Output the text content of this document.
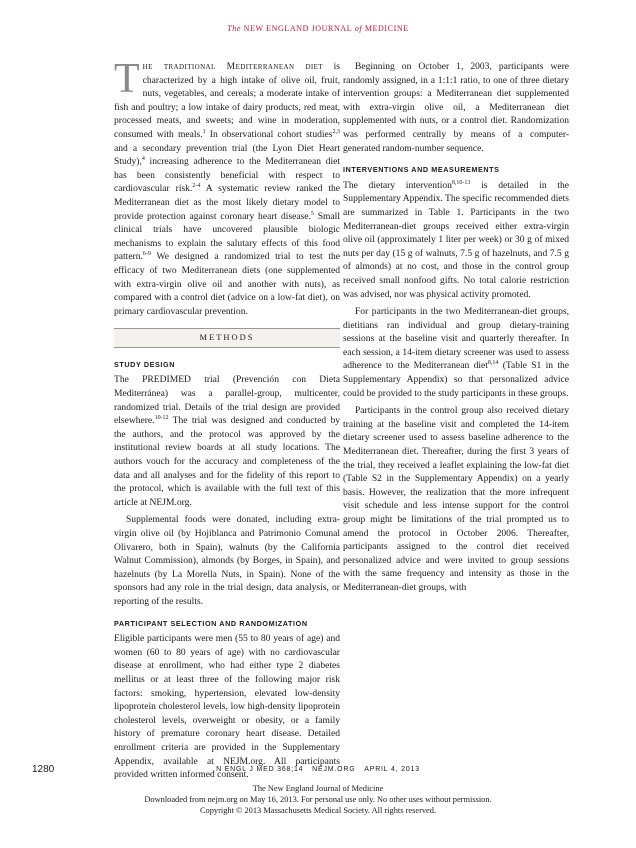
The NEW ENGLAND JOURNAL of MEDICINE

The traditional Mediterranean diet is characterized by a high intake of olive oil, fruit, nuts, vegetables, and cereals; a moderate intake of fish and poultry; a low intake of dairy products, red meat, processed meats, and sweets; and wine in moderation, consumed with meals.$^1$ In observational cohort studies$^{2,3}$ and a secondary prevention trial (the Lyon Diet Heart Study),$^4$ increasing adherence to the Mediterranean diet has been consistently beneficial with respect to cardiovascular risk.$^{2-4}$ A systematic review ranked the Mediterranean diet as the most likely dietary model to provide protection against coronary heart disease.$^5$ Small clinical trials have uncovered plausible biologic mechanisms to explain the salutary effects of this food pattern.$^{6-9}$ We designed a randomized trial to test the efficacy of two Mediterranean diets (one supplemented with extra-virgin olive oil and another with nuts), as compared with a control diet (advice on a low-fat diet), on primary cardiovascular prevention.

METHODS
STUDY DESIGN

The PREDIMED trial (Prevención con Dieta Mediterránea) was a parallel-group, multicenter, randomized trial. Details of the trial design are provided elsewhere.$^{10-12}$ The trial was designed and conducted by the authors, and the protocol was approved by the institutional review boards at all study locations. The authors vouch for the accuracy and completeness of the data and all analyses and for the fidelity of this report to the protocol, which is available with the full text of this article at NEJM.org.

Supplemental foods were donated, including extra-virgin olive oil (by Hojiblanca and Patrimonio Comunal Olivarero, both in Spain), walnuts (by the California Walnut Commission), almonds (by Borges, in Spain), and hazelnuts (by La Morella Nuts, in Spain). None of the sponsors had any role in the trial design, data analysis, or reporting of the results.

PARTICIPANT SELECTION AND RANDOMIZATION

Eligible participants were men (55 to 80 years of age) and women (60 to 80 years of age) with no cardiovascular disease at enrollment, who had either type 2 diabetes mellitus or at least three of the following major risk factors: smoking, hypertension, elevated low-density lipoprotein cholesterol levels, low high-density lipoprotein cholesterol levels, overweight or obesity, or a family history of premature coronary heart disease. Detailed enrollment criteria are provided in the Supplementary Appendix, available at NEJM.org. All participants provided written informed consent.

Beginning on October 1, 2003, participants were randomly assigned, in a 1:1:1 ratio, to one of three dietary intervention groups: a Mediterranean diet supplemented with extra-virgin olive oil, a Mediterranean diet supplemented with nuts, or a control diet. Randomization was performed centrally by means of a computer-generated random-number sequence.

INTERVENTIONS AND MEASUREMENTS

The dietary intervention$^{8,10-13}$ is detailed in the Supplementary Appendix. The specific recommended diets are summarized in Table 1. Participants in the two Mediterranean-diet groups received either extra-virgin olive oil (approximately 1 liter per week) or 30 g of mixed nuts per day (15 g of walnuts, 7.5 g of hazelnuts, and 7.5 g of almonds) at no cost, and those in the control group received small nonfood gifts. No total calorie restriction was advised, nor was physical activity promoted.

For participants in the two Mediterranean-diet groups, dietitians ran individual and group dietary-training sessions at the baseline visit and quarterly thereafter. In each session, a 14-item dietary screener was used to assess adherence to the Mediterranean diet$^{8,14}$ (Table S1 in the Supplementary Appendix) so that personalized advice could be provided to the study participants in these groups.

Participants in the control group also received dietary training at the baseline visit and completed the 14-item dietary screener used to assess baseline adherence to the Mediterranean diet. Thereafter, during the first 3 years of the trial, they received a leaflet explaining the low-fat diet (Table S2 in the Supplementary Appendix) on a yearly basis. However, the realization that the more infrequent visit schedule and less intense support for the control group might be limitations of the trial prompted us to amend the protocol in October 2006. Thereafter, participants assigned to the control diet received personalized advice and were invited to group sessions with the same frequency and intensity as those in the Mediterranean-diet groups, with

1280	N ENGL J MED 368;14 NEJM.ORG APRIL 4, 2013
The New England Journal of Medicine
Downloaded from nejm.org on May 16, 2013. For personal use only. No other uses without permission.
Copyright © 2013 Massachusetts Medical Society. All rights reserved.
